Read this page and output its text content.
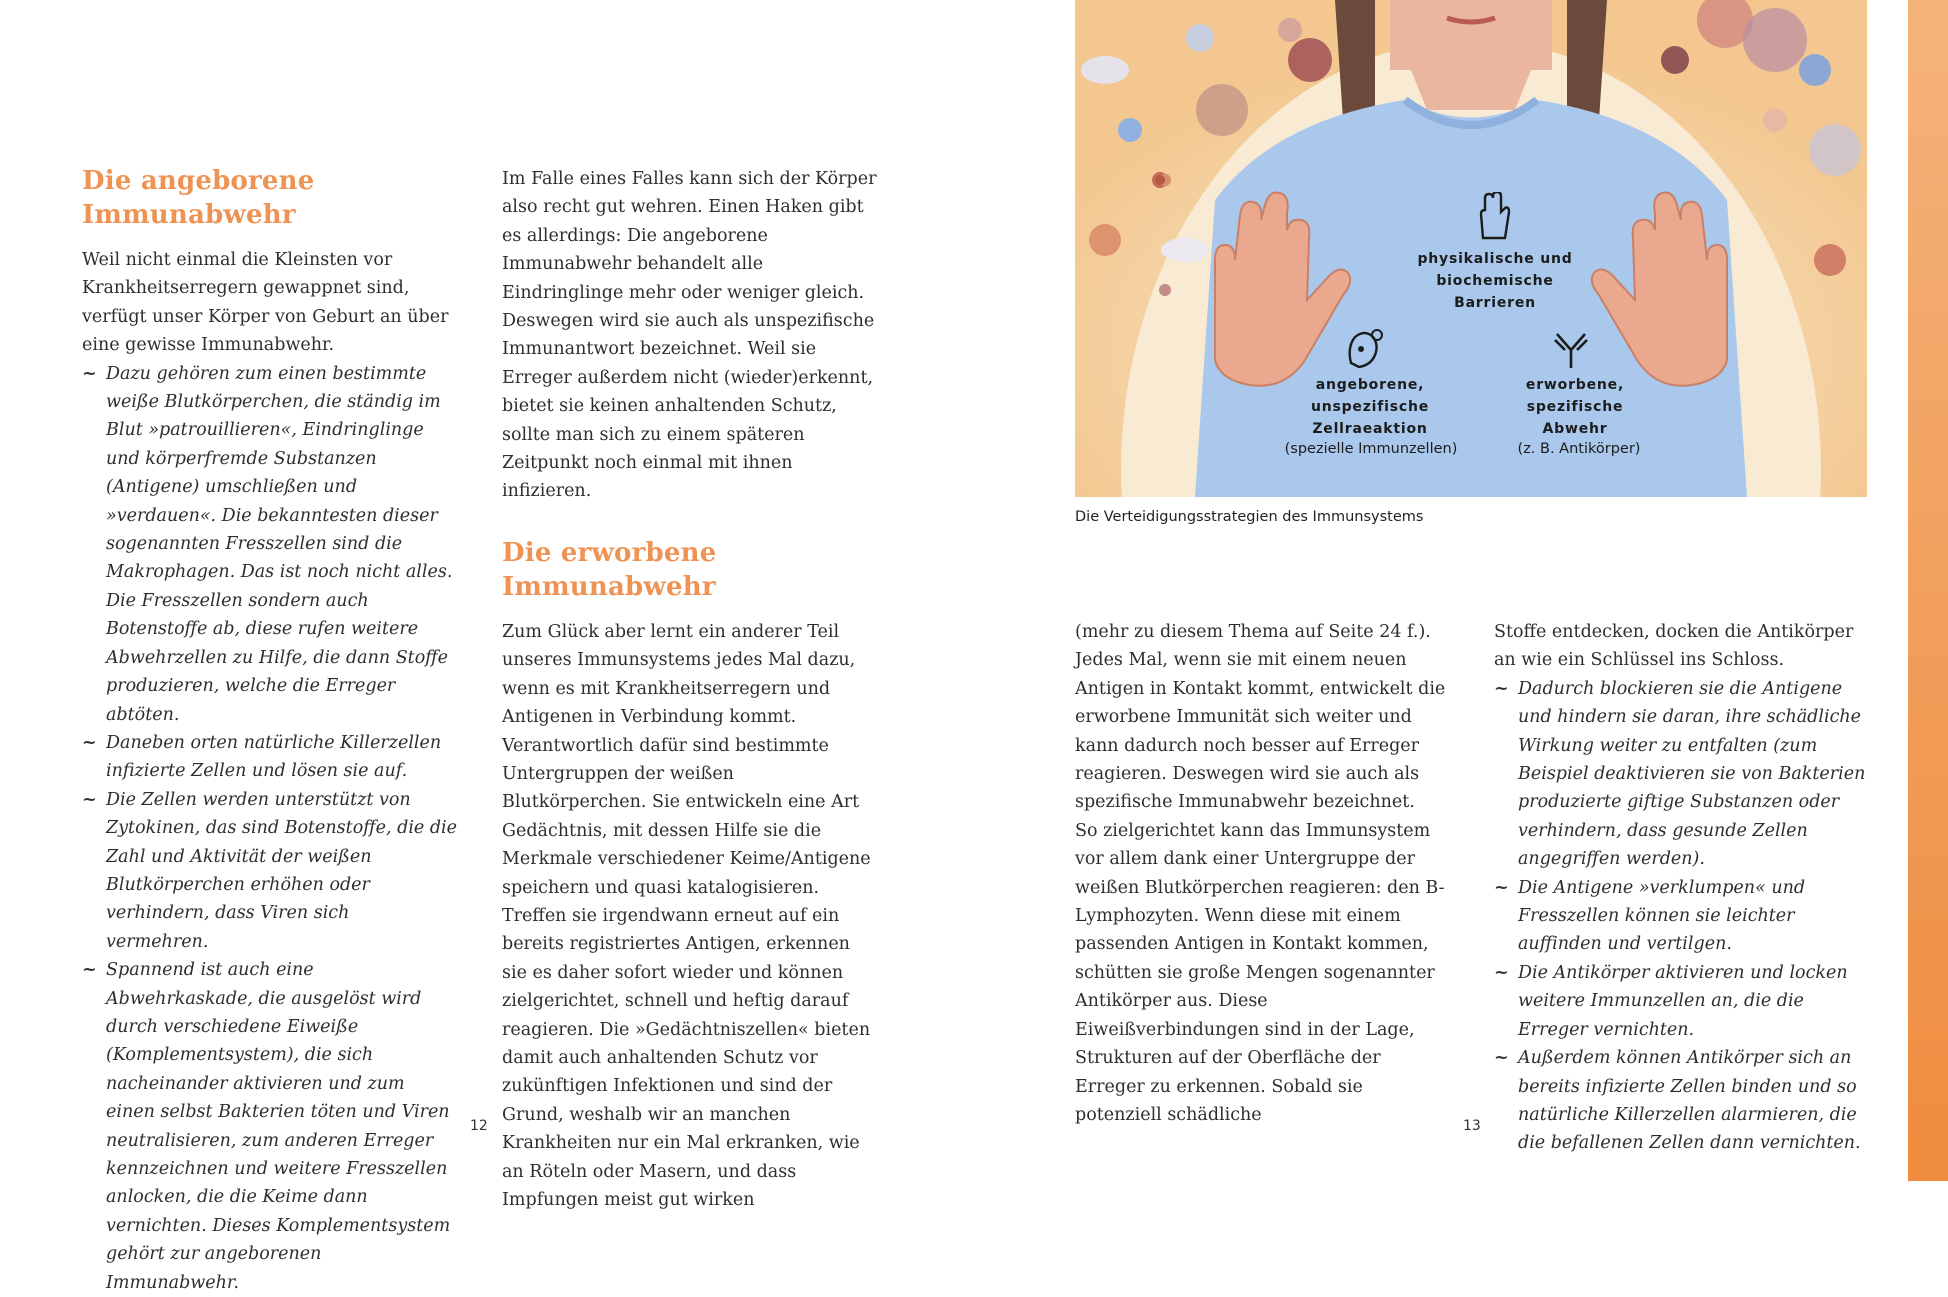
Die angeborene Immunabwehr

Weil nicht einmal die Kleinsten vor Krankheitserregern gewappnet sind, verfügt unser Körper von Geburt an über eine gewisse Immunabwehr.

~ Dazu gehören zum einen bestimmte weiße Blutkörperchen, die ständig im Blut »patrouillieren«, Eindringlinge und körperfremde Substanzen (Antigene) umschließen und »verdauen«. Die bekanntesten dieser sogenannten Fresszellen sind die Makrophagen. Das ist noch nicht alles. Die Fresszellen sondern auch Botenstoffe ab, diese rufen weitere Abwehrzellen zu Hilfe, die dann Stoffe produzieren, welche die Erreger abtöten.
~ Daneben orten natürliche Killerzellen infizierte Zellen und lösen sie auf.
~ Die Zellen werden unterstützt von Zytokinen, das sind Botenstoffe, die die Zahl und Aktivität der weißen Blutkörperchen erhöhen oder verhindern, dass Viren sich vermehren.
~ Spannend ist auch eine Abwehrkaskade, die ausgelöst wird durch verschiedene Eiweiße (Komplementsystem), die sich nacheinander aktivieren und zum einen selbst Bakterien töten und Viren neutralisieren, zum anderen Erreger kennzeichnen und weitere Fresszellen anlocken, die die Keime dann vernichten. Dieses Komplementsystem gehört zur angeborenen Immunabwehr.

Im Falle eines Falles kann sich der Körper also recht gut wehren. Einen Haken gibt es allerdings: Die angeborene Immunabwehr behandelt alle Eindringlinge mehr oder weniger gleich. Deswegen wird sie auch als unspezifische Immunantwort bezeichnet. Weil sie Erreger außerdem nicht (wieder)erkennt, bietet sie keinen anhaltenden Schutz, sollte man sich zu einem späteren Zeitpunkt noch einmal mit ihnen infizieren.

Die erworbene Immunabwehr

Zum Glück aber lernt ein anderer Teil unseres Immunsystems jedes Mal dazu, wenn es mit Krankheitserregern und Antigenen in Verbindung kommt. Verantwortlich dafür sind bestimmte Untergruppen der weißen Blutkörperchen. Sie entwickeln eine Art Gedächtnis, mit dessen Hilfe sie die Merkmale verschiedener Keime/Antigene speichern und quasi katalogisieren. Treffen sie irgendwann erneut auf ein bereits registriertes Antigen, erkennen sie es daher sofort wieder und können zielgerichtet, schnell und heftig darauf reagieren. Die »Gedächtniszellen« bieten damit auch anhaltenden Schutz vor zukünftigen Infektionen und sind der Grund, weshalb wir an manchen Krankheiten nur ein Mal erkranken, wie an Röteln oder Masern, und dass Impfungen meist gut wirken

12
physikalische und biochemische Barrieren
angeborene, unspezifische Zellraeaktion
(spezielle Immunzellen)
erworbene, spezifische Abwehr
(z. B. Antikörper)
Die Verteidigungsstrategien des Immunsystems

(mehr zu diesem Thema auf Seite 24 f.). Jedes Mal, wenn sie mit einem neuen Antigen in Kontakt kommt, entwickelt die erworbene Immunität sich weiter und kann dadurch noch besser auf Erreger reagieren. Deswegen wird sie auch als spezifische Immunabwehr bezeichnet.

So zielgerichtet kann das Immunsystem vor allem dank einer Untergruppe der weißen Blutkörperchen reagieren: den B-Lymphozyten. Wenn diese mit einem passenden Antigen in Kontakt kommen, schütten sie große Mengen sogenannter Antikörper aus. Diese Eiweißverbindungen sind in der Lage, Strukturen auf der Oberfläche der Erreger zu erkennen. Sobald sie potenziell schädliche

Stoffe entdecken, docken die Antikörper an wie ein Schlüssel ins Schloss.

~ Dadurch blockieren sie die Antigene und hindern sie daran, ihre schädliche Wirkung weiter zu entfalten (zum Beispiel deaktivieren sie von Bakterien produzierte giftige Substanzen oder verhindern, dass gesunde Zellen angegriffen werden).
~ Die Antigene »verklumpen« und Fresszellen können sie leichter auffinden und vertilgen.
~ Die Antikörper aktivieren und locken weitere Immunzellen an, die die Erreger vernichten.
~ Außerdem können Antikörper sich an bereits infizierte Zellen binden und so natürliche Killerzellen alarmieren, die die befallenen Zellen dann vernichten.
13
